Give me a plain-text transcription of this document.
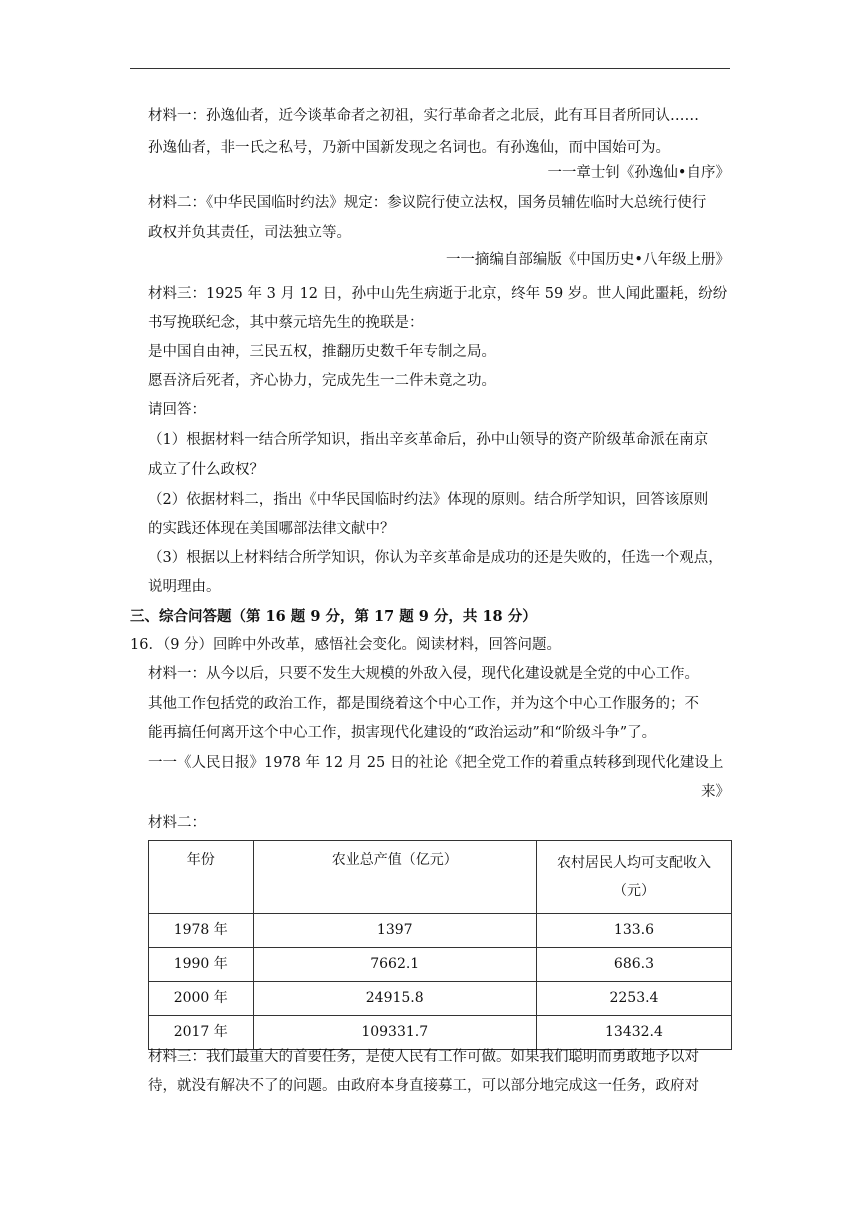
材料一：孙逸仙者，近今谈革命者之初祖，实行革命者之北辰，此有耳目者所同认……
孙逸仙者，非一氏之私号，乃新中国新发现之名词也。有孙逸仙，而中国始可为。
一一章士钊《孙逸仙•自序》
材料二：《中华民国临时约法》规定：参议院行使立法权，国务员辅佐临时大总统行使行
政权并负其责任，司法独立等。
一一摘编自部编版《中国历史•八年级上册》
材料三：1925 年 3 月 12 日，孙中山先生病逝于北京，终年 59 岁。世人闻此噩耗，纷纷
书写挽联纪念，其中蔡元培先生的挽联是：
是中国自由神，三民五权，推翻历史数千年专制之局。
愿吾济后死者，齐心协力，完成先生一二件未竟之功。
请回答：
（1）根据材料一结合所学知识，指出辛亥革命后，孙中山领导的资产阶级革命派在南京
成立了什么政权？
（2）依据材料二，指出《中华民国临时约法》体现的原则。结合所学知识，回答该原则
的实践还体现在美国哪部法律文献中？
（3）根据以上材料结合所学知识，你认为辛亥革命是成功的还是失败的，任选一个观点，
说明理由。
三、综合问答题（第 16 题 9 分，第 17 题 9 分，共 18 分）
16．（9 分）回眸中外改革，感悟社会变化。阅读材料，回答问题。
材料一：从今以后，只要不发生大规模的外敌入侵，现代化建设就是全党的中心工作。
其他工作包括党的政治工作，都是围绕着这个中心工作，并为这个中心工作服务的；不
能再搞任何离开这个中心工作，损害现代化建设的“政治运动”和“阶级斗争”了。
一一《人民日报》1978 年 12 月 25 日的社论《把全党工作的着重点转移到现代化建设上
来》
材料二：
年份	农业总产值（亿元）	农村居民人均可支配收入
（元）

1978 年	1397	133.6
1990 年	7662.1	686.3
2000 年	24915.8	2253.4
2017 年	109331.7	13432.4
材料三：我们最重大的首要任务，是使人民有工作可做。如果我们聪明而勇敢地予以对
待，就没有解决不了的问题。由政府本身直接募工，可以部分地完成这一任务，政府对
